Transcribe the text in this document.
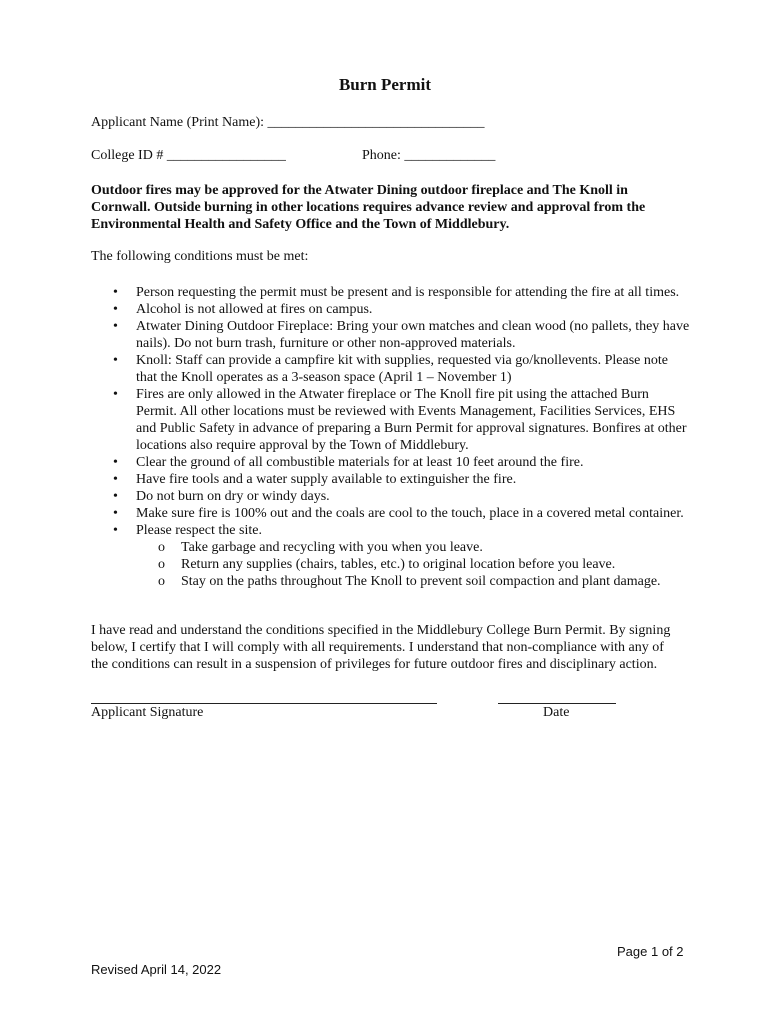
Burn Permit
Applicant Name (Print Name): _______________________________
College ID # _________________	Phone: _____________
Outdoor fires may be approved for the Atwater Dining outdoor fireplace and The Knoll in Cornwall. Outside burning in other locations requires advance review and approval from the Environmental Health and Safety Office and the Town of Middlebury.
The following conditions must be met:
• Person requesting the permit must be present and is responsible for attending the fire at all times.
• Alcohol is not allowed at fires on campus.
• Atwater Dining Outdoor Fireplace: Bring your own matches and clean wood (no pallets, they have nails). Do not burn trash, furniture or other non-approved materials.
• Knoll: Staff can provide a campfire kit with supplies, requested via go/knollevents. Please note that the Knoll operates as a 3-season space (April 1 – November 1)
• Fires are only allowed in the Atwater fireplace or The Knoll fire pit using the attached Burn Permit. All other locations must be reviewed with Events Management, Facilities Services, EHS and Public Safety in advance of preparing a Burn Permit for approval signatures. Bonfires at other locations also require approval by the Town of Middlebury.
• Clear the ground of all combustible materials for at least 10 feet around the fire.
• Have fire tools and a water supply available to extinguisher the fire.
• Do not burn on dry or windy days.
• Make sure fire is 100% out and the coals are cool to the touch, place in a covered metal container.
• Please respect the site.
o Take garbage and recycling with you when you leave.
o Return any supplies (chairs, tables, etc.) to original location before you leave.
o Stay on the paths throughout The Knoll to prevent soil compaction and plant damage.
I have read and understand the conditions specified in the Middlebury College Burn Permit. By signing below, I certify that I will comply with all requirements. I understand that non-compliance with any of the conditions can result in a suspension of privileges for future outdoor fires and disciplinary action.
Applicant Signature	Date
Page 1 of 2
Revised April 14, 2022
